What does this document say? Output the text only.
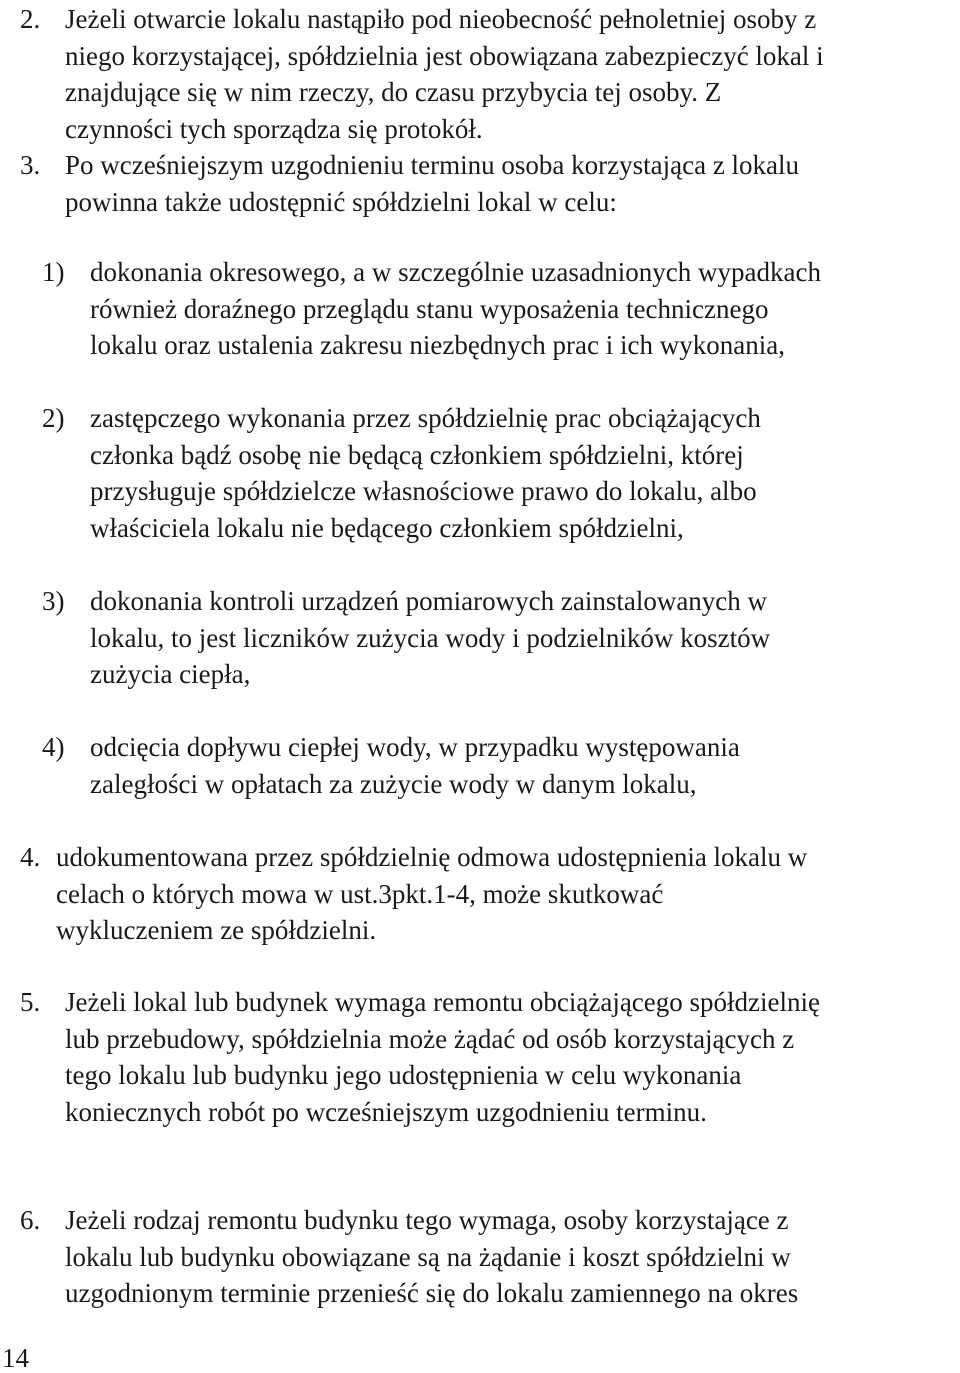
2. Jeżeli otwarcie lokalu nastąpiło pod nieobecność pełnoletniej osoby z
niego korzystającej, spółdzielnia jest obowiązana zabezpieczyć lokal i
znajdujące się w nim rzeczy, do czasu przybycia tej osoby. Z
czynności tych sporządza się protokół.
3. Po wcześniejszym uzgodnieniu terminu osoba korzystająca z lokalu
powinna także udostępnić spółdzielni lokal w celu:
1) dokonania okresowego, a w szczególnie uzasadnionych wypadkach
również doraźnego przeglądu stanu wyposażenia technicznego
lokalu oraz ustalenia zakresu niezbędnych prac i ich wykonania,
2) zastępczego wykonania przez spółdzielnię prac obciążających
członka bądź osobę nie będącą członkiem spółdzielni, której
przysługuje spółdzielcze własnościowe prawo do lokalu, albo
właściciela lokalu nie będącego członkiem spółdzielni,
3) dokonania kontroli urządzeń pomiarowych zainstalowanych w
lokalu, to jest liczników zużycia wody i podzielników kosztów
zużycia ciepła,
4) odcięcia dopływu ciepłej wody, w przypadku występowania
zaległości w opłatach za zużycie wody w danym lokalu,
4. udokumentowana przez spółdzielnię odmowa udostępnienia lokalu w
celach o których mowa w ust.3pkt.1-4, może skutkować
wykluczeniem ze spółdzielni.
5. Jeżeli lokal lub budynek wymaga remontu obciążającego spółdzielnię
lub przebudowy, spółdzielnia może żądać od osób korzystających z
tego lokalu lub budynku jego udostępnienia w celu wykonania
koniecznych robót po wcześniejszym uzgodnieniu terminu.
6. Jeżeli rodzaj remontu budynku tego wymaga, osoby korzystające z
lokalu lub budynku obowiązane są na żądanie i koszt spółdzielni w
uzgodnionym terminie przenieść się do lokalu zamiennego na okres
14
